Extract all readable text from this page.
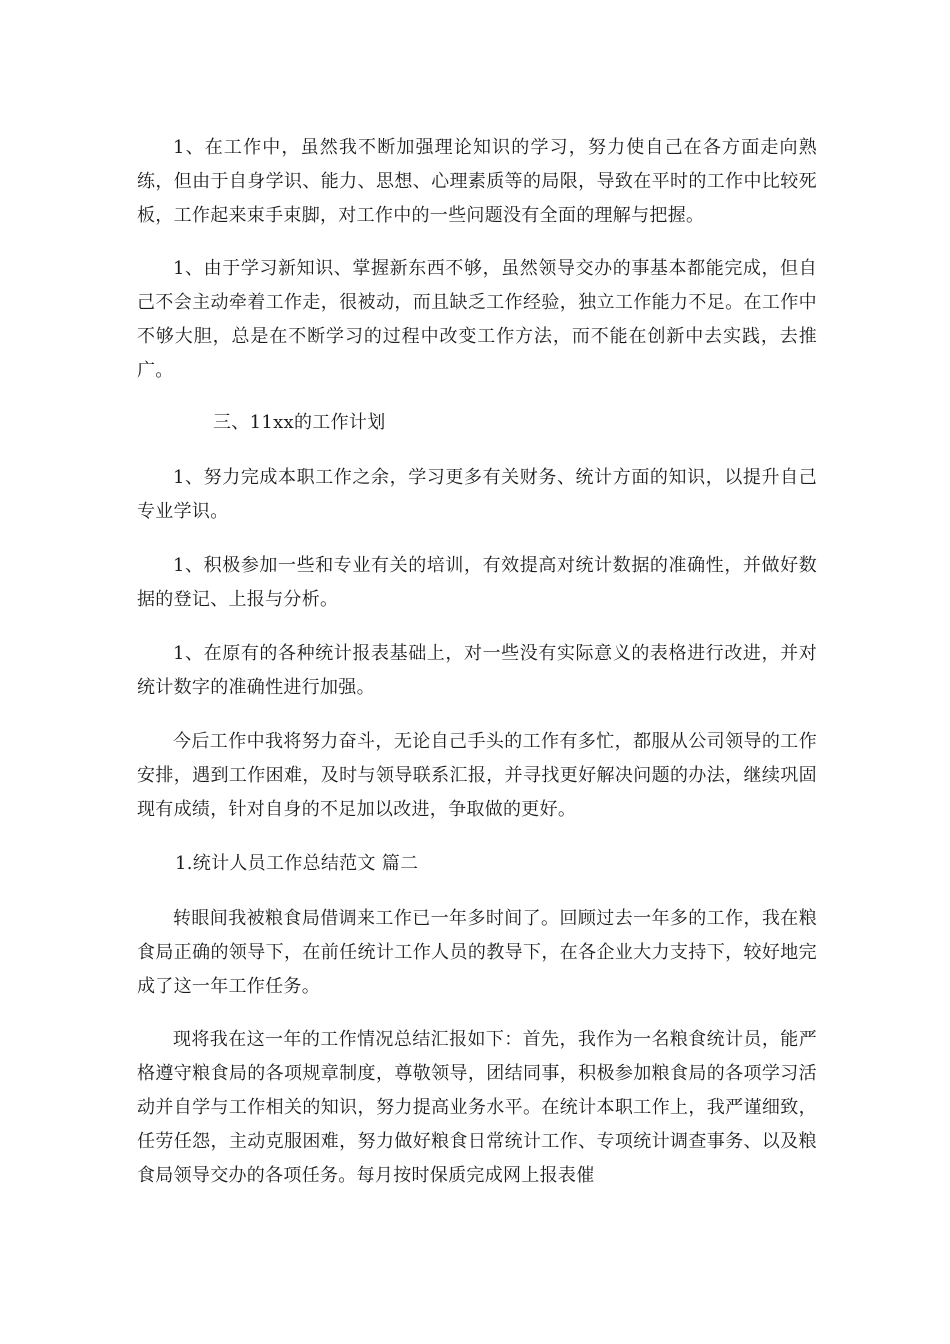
1、在工作中，虽然我不断加强理论知识的学习，努力使自己在各方面走向熟练，但由于自身学识、能力、思想、心理素质等的局限，导致在平时的工作中比较死板，工作起来束手束脚，对工作中的一些问题没有全面的理解与把握。

1、由于学习新知识、掌握新东西不够，虽然领导交办的事基本都能完成，但自己不会主动牵着工作走，很被动，而且缺乏工作经验，独立工作能力不足。在工作中不够大胆，总是在不断学习的过程中改变工作方法，而不能在创新中去实践，去推广。

三、11xx的工作计划

1、努力完成本职工作之余，学习更多有关财务、统计方面的知识，以提升自己专业学识。

1、积极参加一些和专业有关的培训，有效提高对统计数据的准确性，并做好数据的登记、上报与分析。

1、在原有的各种统计报表基础上，对一些没有实际意义的表格进行改进，并对统计数字的准确性进行加强。

今后工作中我将努力奋斗，无论自己手头的工作有多忙，都服从公司领导的工作安排，遇到工作困难，及时与领导联系汇报，并寻找更好解决问题的办法，继续巩固现有成绩，针对自身的不足加以改进，争取做的更好。

1.统计人员工作总结范文 篇二

转眼间我被粮食局借调来工作已一年多时间了。回顾过去一年多的工作，我在粮食局正确的领导下，在前任统计工作人员的教导下，在各企业大力支持下，较好地完成了这一年工作任务。

现将我在这一年的工作情况总结汇报如下：首先，我作为一名粮食统计员，能严格遵守粮食局的各项规章制度，尊敬领导，团结同事，积极参加粮食局的各项学习活动并自学与工作相关的知识，努力提高业务水平。在统计本职工作上，我严谨细致，任劳任怨，主动克服困难，努力做好粮食日常统计工作、专项统计调查事务、以及粮食局领导交办的各项任务。每月按时保质完成网上报表催
